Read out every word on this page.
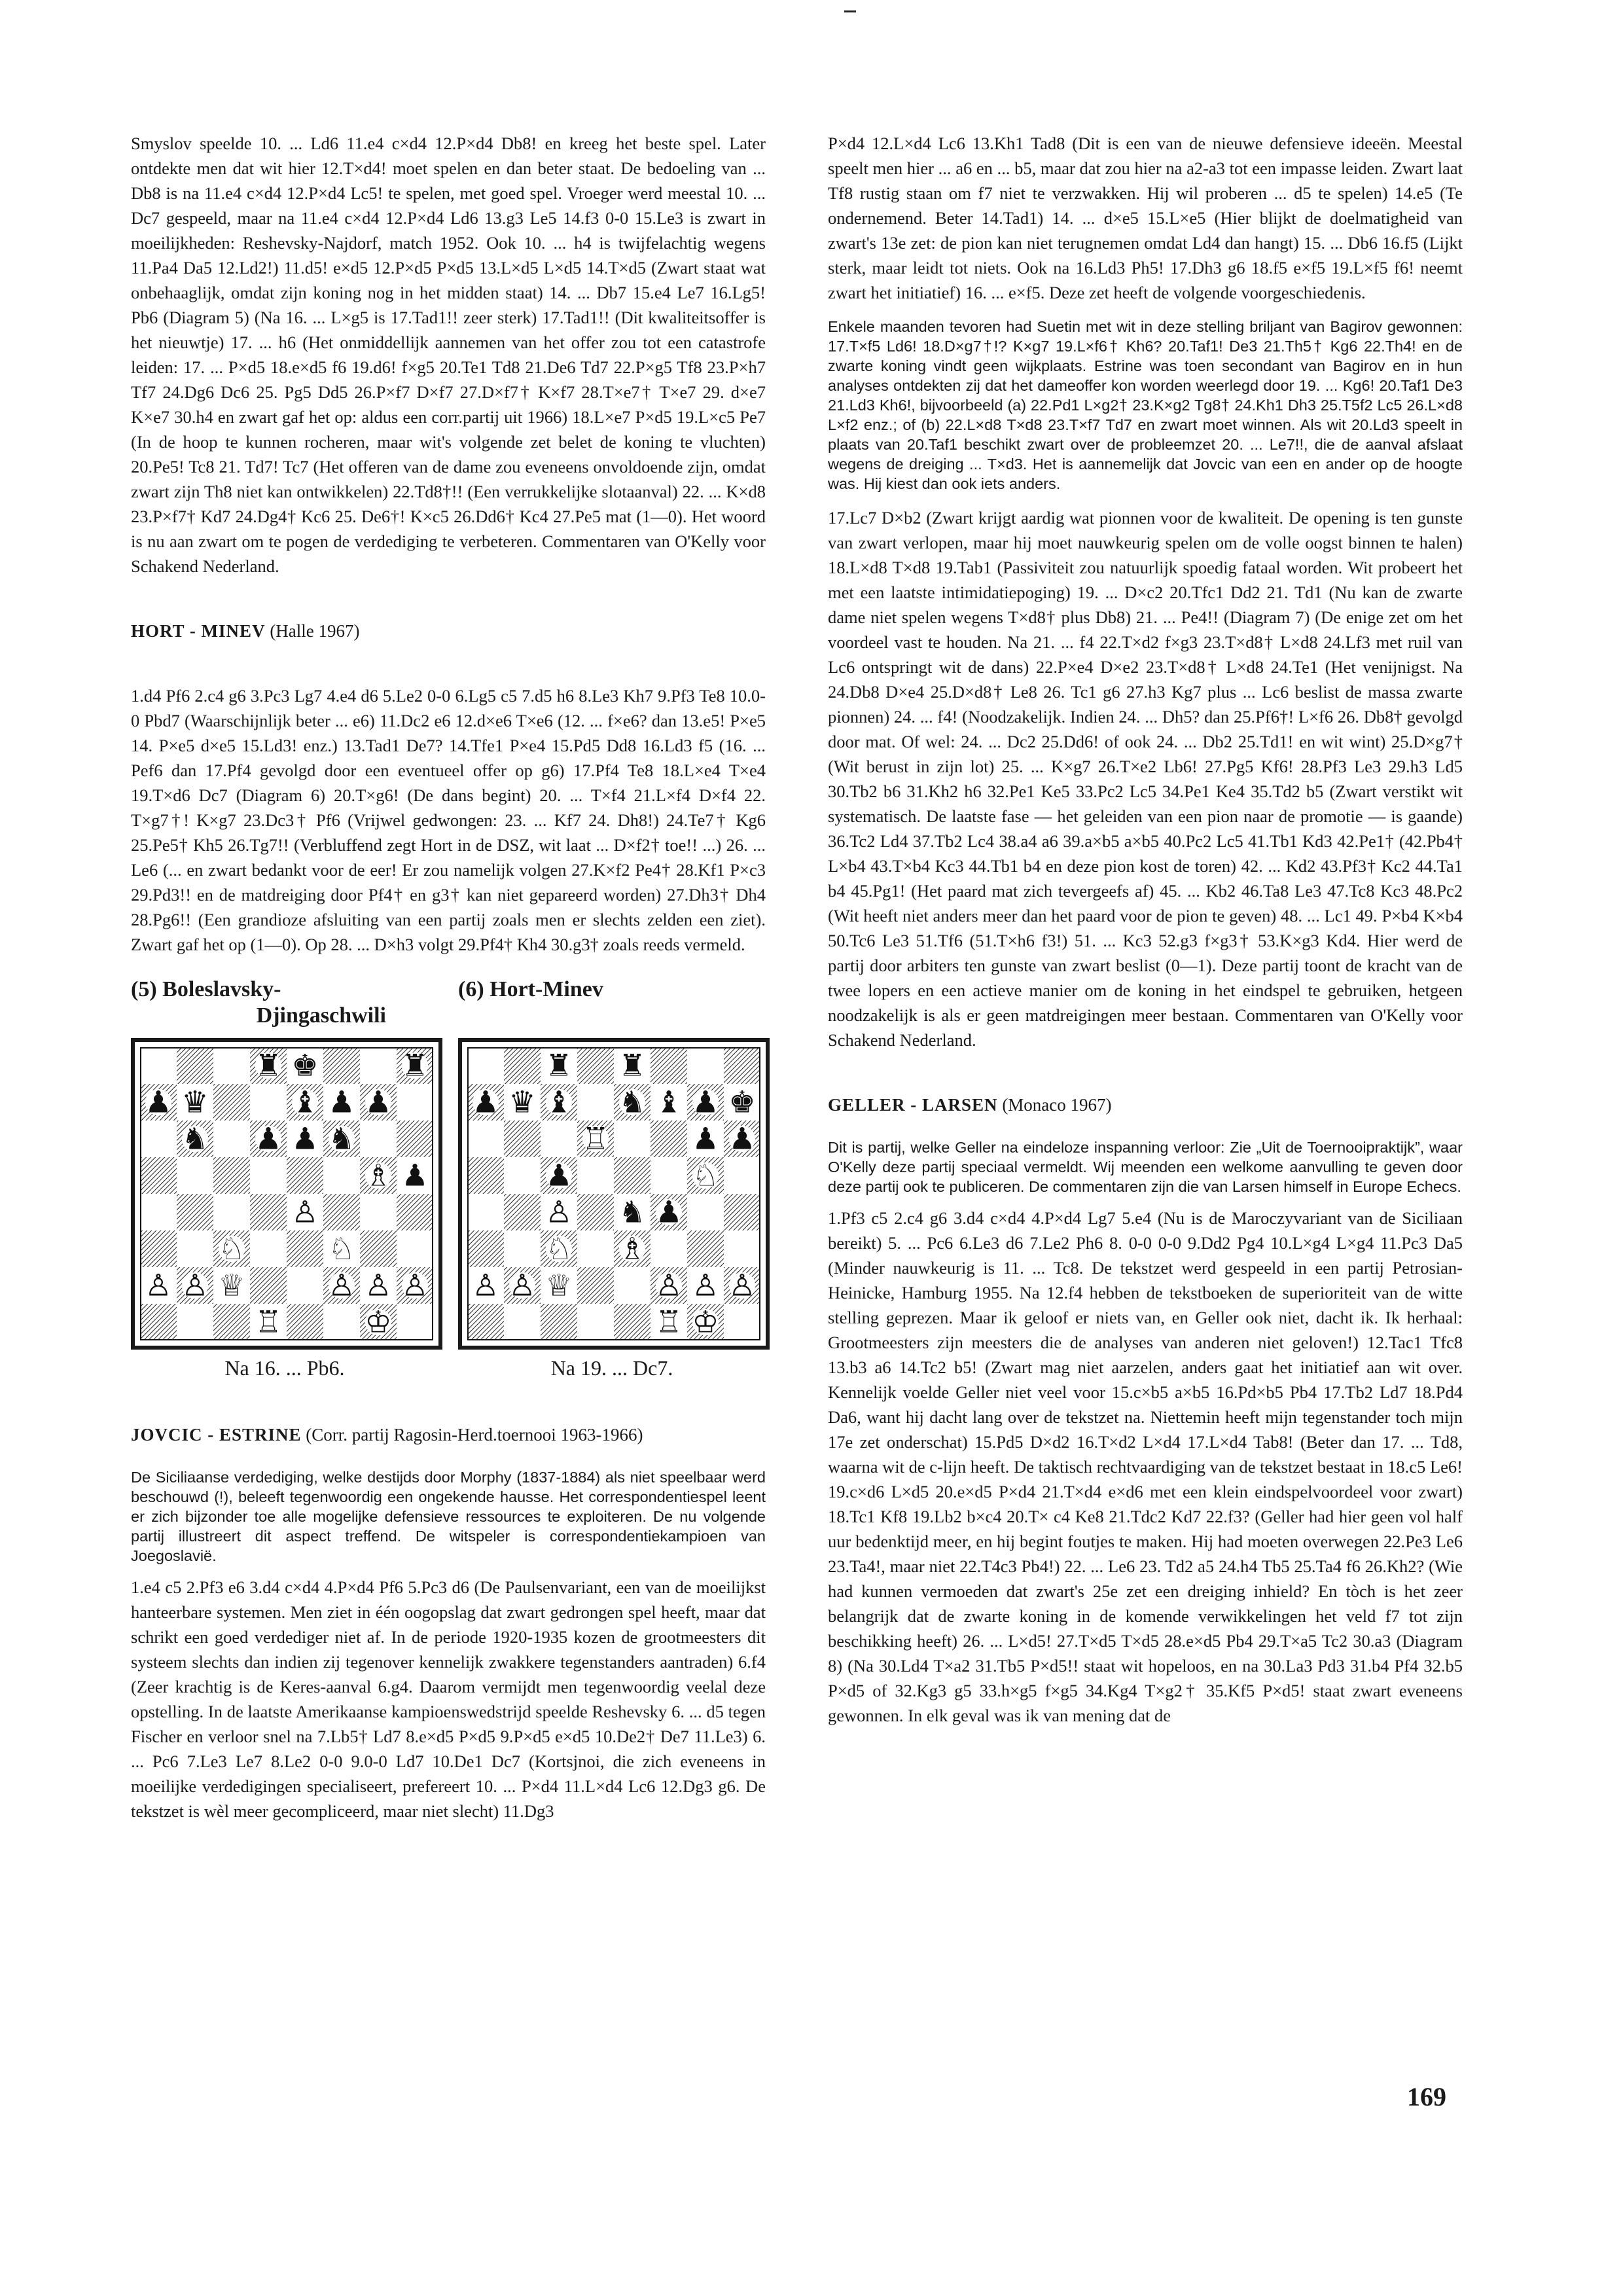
Smyslov speelde 10. ... Ld6 11.e4 c×d4 12.P×d4 Db8! en kreeg het beste spel. Later ontdekte men dat wit hier 12.T×d4! moet spelen en dan beter staat. De bedoeling van ... Db8 is na 11.e4 c×d4 12.P×d4 Lc5! te spelen, met goed spel. Vroeger werd meestal 10. ... Dc7 gespeeld, maar na 11.e4 c×d4 12.P×d4 Ld6 13.g3 Le5 14.f3 0-0 15.Le3 is zwart in moeilijkheden: Reshevsky-Najdorf, match 1952. Ook 10. ... h4 is twijfelachtig wegens 11.Pa4 Da5 12.Ld2!) 11.d5! e×d5 12.P×d5 P×d5 13.L×d5 L×d5 14.T×d5 (Zwart staat wat onbehaaglijk, omdat zijn koning nog in het midden staat) 14. ... Db7 15.e4 Le7 16.Lg5! Pb6 (Diagram 5) (Na 16. ... L×g5 is 17.Tad1!! zeer sterk) 17.Tad1!! (Dit kwaliteitsoffer is het nieuwtje) 17. ... h6 (Het onmiddellijk aannemen van het offer zou tot een catastrofe leiden: 17. ... P×d5 18.e×d5 f6 19.d6! f×g5 20.Te1 Td8 21.De6 Td7 22.P×g5 Tf8 23.P×h7 Tf7 24.Dg6 Dc6 25. Pg5 Dd5 26.P×f7 D×f7 27.D×f7† K×f7 28.T×e7† T×e7 29. d×e7 K×e7 30.h4 en zwart gaf het op: aldus een corr.partij uit 1966) 18.L×e7 P×d5 19.L×c5 Pe7 (In de hoop te kunnen rocheren, maar wit's volgende zet belet de koning te vluchten) 20.Pe5! Tc8 21. Td7! Tc7 (Het offeren van de dame zou eveneens onvoldoende zijn, omdat zwart zijn Th8 niet kan ontwikkelen) 22.Td8†!! (Een verrukkelijke slotaanval) 22. ... K×d8 23.P×f7† Kd7 24.Dg4† Kc6 25. De6†! K×c5 26.Dd6† Kc4 27.Pe5 mat (1—0). Het woord is nu aan zwart om te pogen de verdediging te verbeteren. Commentaren van O'Kelly voor Schakend Nederland.

HORT - MINEV (Halle 1967)

1.d4 Pf6 2.c4 g6 3.Pc3 Lg7 4.e4 d6 5.Le2 0-0 6.Lg5 c5 7.d5 h6 8.Le3 Kh7 9.Pf3 Te8 10.0-0 Pbd7 (Waarschijnlijk beter ... e6) 11.Dc2 e6 12.d×e6 T×e6 (12. ... f×e6? dan 13.e5! P×e5 14. P×e5 d×e5 15.Ld3! enz.) 13.Tad1 De7? 14.Tfe1 P×e4 15.Pd5 Dd8 16.Ld3 f5 (16. ... Pef6 dan 17.Pf4 gevolgd door een eventueel offer op g6) 17.Pf4 Te8 18.L×e4 T×e4 19.T×d6 Dc7 (Diagram 6) 20.T×g6! (De dans begint) 20. ... T×f4 21.L×f4 D×f4 22. T×g7†! K×g7 23.Dc3† Pf6 (Vrijwel gedwongen: 23. ... Kf7 24. Dh8!) 24.Te7† Kg6 25.Pe5† Kh5 26.Tg7!! (Verbluffend zegt Hort in de DSZ, wit laat ... D×f2† toe!! ...) 26. ... Le6 (... en zwart bedankt voor de eer! Er zou namelijk volgen 27.K×f2 Pe4† 28.Kf1 P×c3 29.Pd3!! en de matdreiging door Pf4† en g3† kan niet gepareerd worden) 27.Dh3† Dh4 28.Pg6!! (Een grandioze afsluiting van een partij zoals men er slechts zelden een ziet). Zwart gaf het op (1—0). Op 28. ... D×h3 volgt 29.Pf4† Kh4 30.g3† zoals reeds vermeld.

(5) Boleslavsky-
Djingaschwili
♜ ♚	♜
♟ ♛	♝ ♟ ♟
♞ ♟ ♟ ♞
♗ ♟
♙
♘	♘
♙ ♙ ♕	♙ ♙ ♙
♖	♔
Na 16. ... Pb6.
(6) Hort-Minev
♜ ♜
♟ ♛ ♝ ♞ ♝ ♟ ♚
♖	♟ ♟
♟	♘
♙ ♞ ♟
♘ ♗
♙ ♙ ♕	♙ ♙ ♙
♖ ♔
Na 19. ... Dc7.

JOVCIC - ESTRINE (Corr. partij Ragosin-Herd.toernooi 1963-1966)

De Siciliaanse verdediging, welke destijds door Morphy (1837-1884) als niet speelbaar werd beschouwd (!), beleeft tegenwoordig een ongekende hausse. Het correspondentiespel leent er zich bijzonder toe alle mogelijke defensieve ressources te exploiteren. De nu volgende partij illustreert dit aspect treffend. De witspeler is correspondentiekampioen van Joegoslavië.

1.e4 c5 2.Pf3 e6 3.d4 c×d4 4.P×d4 Pf6 5.Pc3 d6 (De Paulsenvariant, een van de moeilijkst hanteerbare systemen. Men ziet in één oogopslag dat zwart gedrongen spel heeft, maar dat schrikt een goed verdediger niet af. In de periode 1920-1935 kozen de grootmeesters dit systeem slechts dan indien zij tegenover kennelijk zwakkere tegenstanders aantraden) 6.f4 (Zeer krachtig is de Keres-aanval 6.g4. Daarom vermijdt men tegenwoordig veelal deze opstelling. In de laatste Amerikaanse kampioenswedstrijd speelde Reshevsky 6. ... d5 tegen Fischer en verloor snel na 7.Lb5† Ld7 8.e×d5 P×d5 9.P×d5 e×d5 10.De2† De7 11.Le3) 6. ... Pc6 7.Le3 Le7 8.Le2 0-0 9.0-0 Ld7 10.De1 Dc7 (Kortsjnoi, die zich eveneens in moeilijke verdedigingen specialiseert, prefereert 10. ... P×d4 11.L×d4 Lc6 12.Dg3 g6. De tekstzet is wèl meer gecompliceerd, maar niet slecht) 11.Dg3

P×d4 12.L×d4 Lc6 13.Kh1 Tad8 (Dit is een van de nieuwe defensieve ideeën. Meestal speelt men hier ... a6 en ... b5, maar dat zou hier na a2-a3 tot een impasse leiden. Zwart laat Tf8 rustig staan om f7 niet te verzwakken. Hij wil proberen ... d5 te spelen) 14.e5 (Te ondernemend. Beter 14.Tad1) 14. ... d×e5 15.L×e5 (Hier blijkt de doelmatigheid van zwart's 13e zet: de pion kan niet terugnemen omdat Ld4 dan hangt) 15. ... Db6 16.f5 (Lijkt sterk, maar leidt tot niets. Ook na 16.Ld3 Ph5! 17.Dh3 g6 18.f5 e×f5 19.L×f5 f6! neemt zwart het initiatief) 16. ... e×f5. Deze zet heeft de volgende voorgeschiedenis.

Enkele maanden tevoren had Suetin met wit in deze stelling briljant van Bagirov gewonnen: 17.T×f5 Ld6! 18.D×g7†!? K×g7 19.L×f6† Kh6? 20.Taf1! De3 21.Th5† Kg6 22.Th4! en de zwarte koning vindt geen wijkplaats. Estrine was toen secondant van Bagirov en in hun analyses ontdekten zij dat het dameoffer kon worden weerlegd door 19. ... Kg6! 20.Taf1 De3 21.Ld3 Kh6!, bijvoorbeeld (a) 22.Pd1 L×g2† 23.K×g2 Tg8† 24.Kh1 Dh3 25.T5f2 Lc5 26.L×d8 L×f2 enz.; of (b) 22.L×d8 T×d8 23.T×f7 Td7 en zwart moet winnen. Als wit 20.Ld3 speelt in plaats van 20.Taf1 beschikt zwart over de probleemzet 20. ... Le7!!, die de aanval afslaat wegens de dreiging ... T×d3. Het is aannemelijk dat Jovcic van een en ander op de hoogte was. Hij kiest dan ook iets anders.

17.Lc7 D×b2 (Zwart krijgt aardig wat pionnen voor de kwaliteit. De opening is ten gunste van zwart verlopen, maar hij moet nauwkeurig spelen om de volle oogst binnen te halen) 18.L×d8 T×d8 19.Tab1 (Passiviteit zou natuurlijk spoedig fataal worden. Wit probeert het met een laatste intimidatiepoging) 19. ... D×c2 20.Tfc1 Dd2 21. Td1 (Nu kan de zwarte dame niet spelen wegens T×d8† plus Db8) 21. ... Pe4!! (Diagram 7) (De enige zet om het voordeel vast te houden. Na 21. ... f4 22.T×d2 f×g3 23.T×d8† L×d8 24.Lf3 met ruil van Lc6 ontspringt wit de dans) 22.P×e4 D×e2 23.T×d8† L×d8 24.Te1 (Het venijnigst. Na 24.Db8 D×e4 25.D×d8† Le8 26. Tc1 g6 27.h3 Kg7 plus ... Lc6 beslist de massa zwarte pionnen) 24. ... f4! (Noodzakelijk. Indien 24. ... Dh5? dan 25.Pf6†! L×f6 26. Db8† gevolgd door mat. Of wel: 24. ... Dc2 25.Dd6! of ook 24. ... Db2 25.Td1! en wit wint) 25.D×g7† (Wit berust in zijn lot) 25. ... K×g7 26.T×e2 Lb6! 27.Pg5 Kf6! 28.Pf3 Le3 29.h3 Ld5 30.Tb2 b6 31.Kh2 h6 32.Pe1 Ke5 33.Pc2 Lc5 34.Pe1 Ke4 35.Td2 b5 (Zwart verstikt wit systematisch. De laatste fase — het geleiden van een pion naar de promotie — is gaande) 36.Tc2 Ld4 37.Tb2 Lc4 38.a4 a6 39.a×b5 a×b5 40.Pc2 Lc5 41.Tb1 Kd3 42.Pe1† (42.Pb4† L×b4 43.T×b4 Kc3 44.Tb1 b4 en deze pion kost de toren) 42. ... Kd2 43.Pf3† Kc2 44.Ta1 b4 45.Pg1! (Het paard mat zich tevergeefs af) 45. ... Kb2 46.Ta8 Le3 47.Tc8 Kc3 48.Pc2 (Wit heeft niet anders meer dan het paard voor de pion te geven) 48. ... Lc1 49. P×b4 K×b4 50.Tc6 Le3 51.Tf6 (51.T×h6 f3!) 51. ... Kc3 52.g3 f×g3† 53.K×g3 Kd4. Hier werd de partij door arbiters ten gunste van zwart beslist (0—1). Deze partij toont de kracht van de twee lopers en een actieve manier om de koning in het eindspel te gebruiken, hetgeen noodzakelijk is als er geen matdreigingen meer bestaan. Commentaren van O'Kelly voor Schakend Nederland.

GELLER - LARSEN (Monaco 1967)

Dit is partij, welke Geller na eindeloze inspanning verloor: Zie „Uit de Toernooipraktijk”, waar O'Kelly deze partij speciaal vermeldt. Wij meenden een welkome aanvulling te geven door deze partij ook te publiceren. De commentaren zijn die van Larsen himself in Europe Echecs.

1.Pf3 c5 2.c4 g6 3.d4 c×d4 4.P×d4 Lg7 5.e4 (Nu is de Maroczyvariant van de Siciliaan bereikt) 5. ... Pc6 6.Le3 d6 7.Le2 Ph6 8. 0-0 0-0 9.Dd2 Pg4 10.L×g4 L×g4 11.Pc3 Da5 (Minder nauwkeurig is 11. ... Tc8. De tekstzet werd gespeeld in een partij Petrosian-Heinicke, Hamburg 1955. Na 12.f4 hebben de tekstboeken de superioriteit van de witte stelling geprezen. Maar ik geloof er niets van, en Geller ook niet, dacht ik. Ik herhaal: Grootmeesters zijn meesters die de analyses van anderen niet geloven!) 12.Tac1 Tfc8 13.b3 a6 14.Tc2 b5! (Zwart mag niet aarzelen, anders gaat het initiatief aan wit over. Kennelijk voelde Geller niet veel voor 15.c×b5 a×b5 16.Pd×b5 Pb4 17.Tb2 Ld7 18.Pd4 Da6, want hij dacht lang over de tekstzet na. Niettemin heeft mijn tegenstander toch mijn 17e zet onderschat) 15.Pd5 D×d2 16.T×d2 L×d4 17.L×d4 Tab8! (Beter dan 17. ... Td8, waarna wit de c-lijn heeft. De taktisch rechtvaardiging van de tekstzet bestaat in 18.c5 Le6! 19.c×d6 L×d5 20.e×d5 P×d4 21.T×d4 e×d6 met een klein eindspelvoordeel voor zwart) 18.Tc1 Kf8 19.Lb2 b×c4 20.T× c4 Ke8 21.Tdc2 Kd7 22.f3? (Geller had hier geen vol half uur bedenktijd meer, en hij begint foutjes te maken. Hij had moeten overwegen 22.Pe3 Le6 23.Ta4!, maar niet 22.T4c3 Pb4!) 22. ... Le6 23. Td2 a5 24.h4 Tb5 25.Ta4 f6 26.Kh2? (Wie had kunnen vermoeden dat zwart's 25e zet een dreiging inhield? En tòch is het zeer belangrijk dat de zwarte koning in de komende verwikkelingen het veld f7 tot zijn beschikking heeft) 26. ... L×d5! 27.T×d5 T×d5 28.e×d5 Pb4 29.T×a5 Tc2 30.a3 (Diagram 8) (Na 30.Ld4 T×a2 31.Tb5 P×d5!! staat wit hopeloos, en na 30.La3 Pd3 31.b4 Pf4 32.b5 P×d5 of 32.Kg3 g5 33.h×g5 f×g5 34.Kg4 T×g2† 35.Kf5 P×d5! staat zwart eveneens gewonnen. In elk geval was ik van mening dat de

169
